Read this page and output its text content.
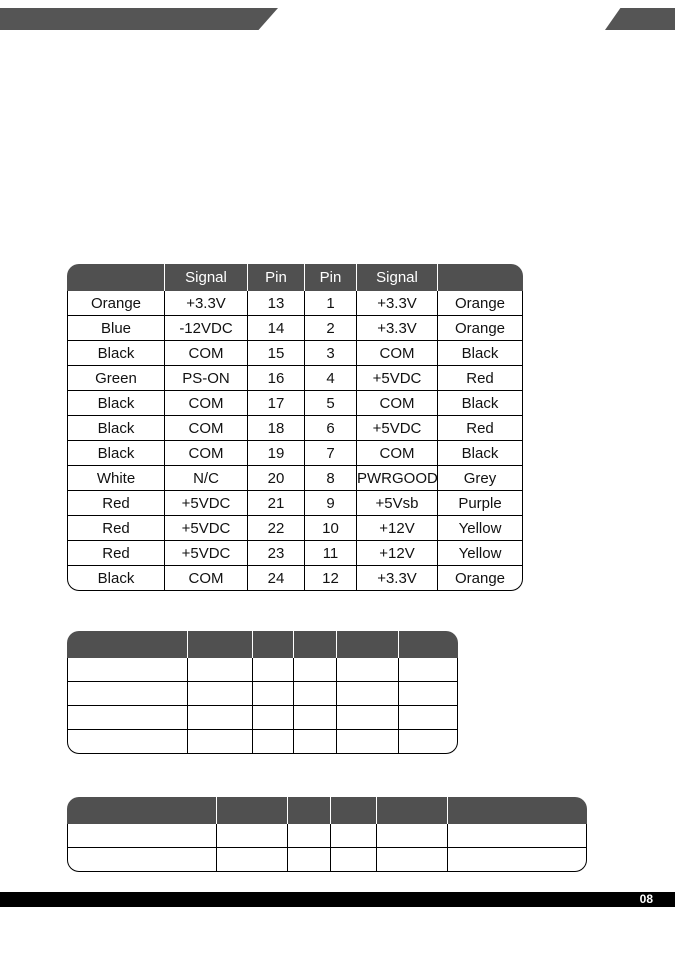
	Signal	Pin	Pin	Signal	
Orange	+3.3V	13	1	+3.3V	Orange
Blue	-12VDC	14	2	+3.3V	Orange
Black	COM	15	3	COM	Black
Green	PS-ON	16	4	+5VDC	Red
Black	COM	17	5	COM	Black
Black	COM	18	6	+5VDC	Red
Black	COM	19	7	COM	Black
White	N/C	20	8	PWRGOOD	Grey
Red	+5VDC	21	9	+5Vsb	Purple
Red	+5VDC	22	10	+12V	Yellow
Red	+5VDC	23	11	+12V	Yellow
Black	COM	24	12	+3.3V	Orange

08
